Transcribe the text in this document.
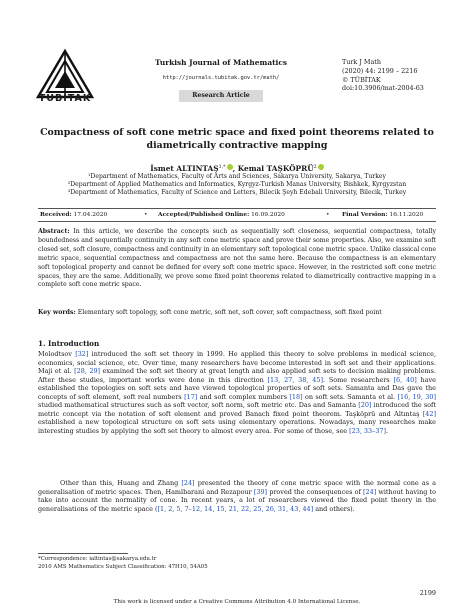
TÜBİTAK
Turkish Journal of Mathematics
http://journals.tubitak.gov.tr/math/
Research Article
Turk J Math
(2020) 44: 2199 – 2216
© TÜBİTAK
doi:10.3906/mat-2004-63
Compactness of soft cone metric space and fixed point theorems related to
diametrically contractive mapping
İsmet $ALTINTAŞ^{1,*}$ , Kemal TAŞKÖPRÜ$^2$
¹Department of Mathematics, Faculty of Arts and Sciences, Sakarya University, Sakarya, Turkey
²Department of Applied Mathematics and Informatics, Kyrgyz-Turkish Manas University, Bishkek, Kyrgyzstan
³Department of Mathematics, Faculty of Science and Letters, Bilecik Şeyh Edebali University, Bilecik, Turkey
Received: 17.04.2020	• Accepted/Published Online: 16.09.2020	• Final Version: 16.11.2020
Abstract: In this article, we describe the concepts such as sequentially soft closeness, sequential compactness, totally boundedness and sequentially continuity in any soft cone metric space and prove their some properties. Also, we examine soft closed set, soft closure, compactness and continuity in an elementary soft topological cone metric space. Unlike classical cone metric space, sequential compactness and compactness are not the same here. Because the compactness is an elementary soft topological property and cannot be defined for every soft cone metric space. However, in the restricted soft cone metric spaces, they are the same. Additionally, we prove some fixed point theorems related to diametrically contractive mapping in a complete soft cone metric space.
Key words: Elementary soft topology, soft cone metric, soft net, soft cover, soft compactness, soft fixed point
1. Introduction
Molodtsov [32] introduced the soft set theory in 1999. He applied this theory to solve problems in medical science, economics, social science, etc. Over time, many researchers have become interested in soft set and their applications. Maji et al. [28, 29] examined the soft set theory at great length and also applied soft sets to decision making problems. After these studies, important works were done in this direction [13, 27, 38, 45]. Some researchers [6, 40] have established the topologies on soft sets and have viewed topological properties of soft sets. Samanta and Das gave the concepts of soft element, soft real numbers [17] and soft complex numbers [18] on soft sets. Samanta et al. [16, 19, 30] studied mathematical structures such as soft vector, soft norm, soft metric etc. Das and Samanta [20] introduced the soft metric concept via the notation of soft element and proved Banach fixed point theorem. Taşköprü and Altıntaş [42] established a new topological structure on soft sets using elementary operations. Nowadays, many researches make interesting studies by applying the soft set theory to almost every area. For some of those, see [23, 33–37].
Other than this, Huang and Zhang [24] presented the theory of cone metric space with the normal cone as a generalisation of metric spaces. Then, Hamlbarani and Rezapour [39] proved the consequences of [24] without having to take into account the normality of cone. In recent years, a lot of researchers viewed the fixed point theory in the generalisations of the metric space ([1, 2, 5, 7–12, 14, 15, 21, 22, 25, 26, 31, 43, 44] and others).
*Correspondence: ialtintas@sakarya.edu.tr
2010 AMS Mathematics Subject Classification: 47H10, 54A05
2199
This work is licensed under a Creative Commons Attribution 4.0 International License.
